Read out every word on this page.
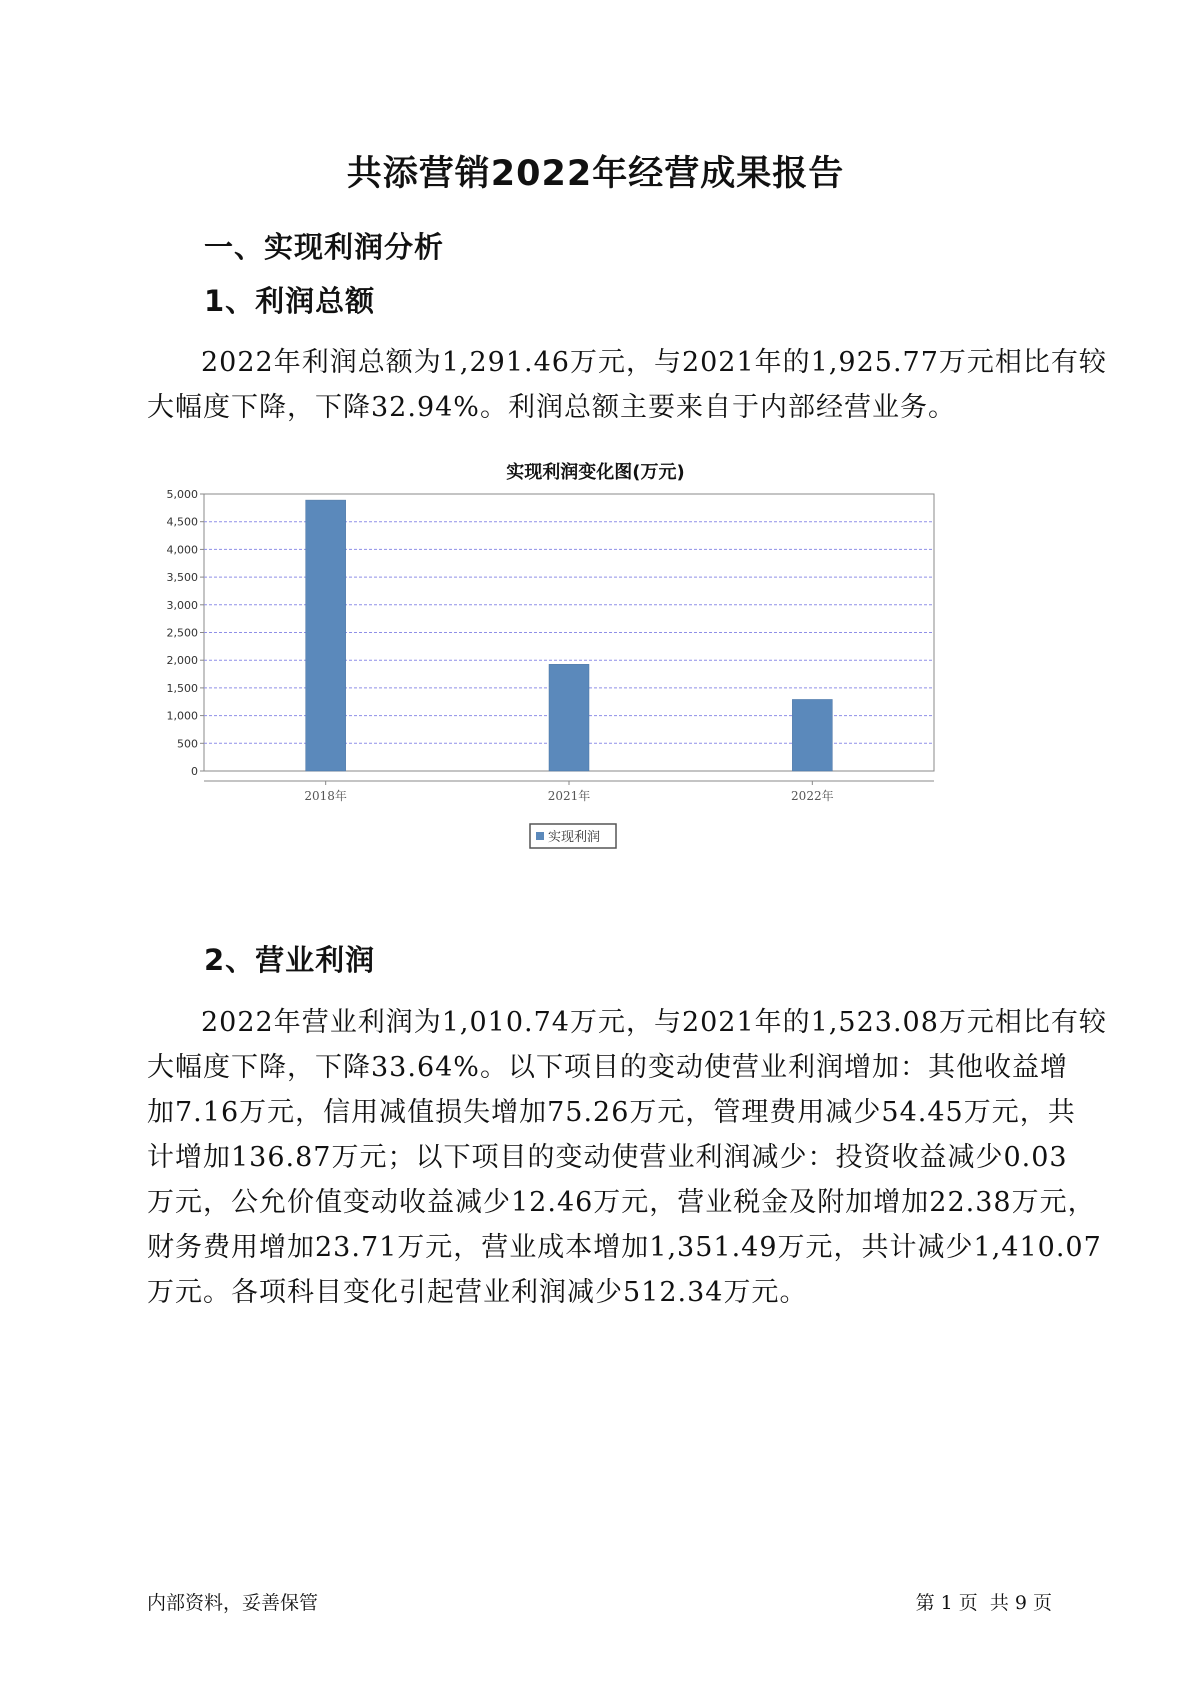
共添营销2022年经营成果报告
一、实现利润分析
1、利润总额
2022年利润总额为1,291.46万元，与2021年的1,925.77万元相比有较
大幅度下降，下降32.94%。利润总额主要来自于内部经营业务。
实现利润变化图(万元)
0
500
1,000
1,500
2,000
2,500
3,000
3,500
4,000
4,500
5,000
2018年	2021年	2022年
实现利润
2、营业利润
2022年营业利润为1,010.74万元，与2021年的1,523.08万元相比有较
大幅度下降，下降33.64%。以下项目的变动使营业利润增加：其他收益增
加7.16万元，信用减值损失增加75.26万元，管理费用减少54.45万元，共
计增加136.87万元；以下项目的变动使营业利润减少：投资收益减少0.03
万元，公允价值变动收益减少12.46万元，营业税金及附加增加22.38万元，
财务费用增加23.71万元，营业成本增加1,351.49万元，共计减少1,410.07
万元。各项科目变化引起营业利润减少512.34万元。
内部资料，妥善保管	第 1 页  共 9 页
